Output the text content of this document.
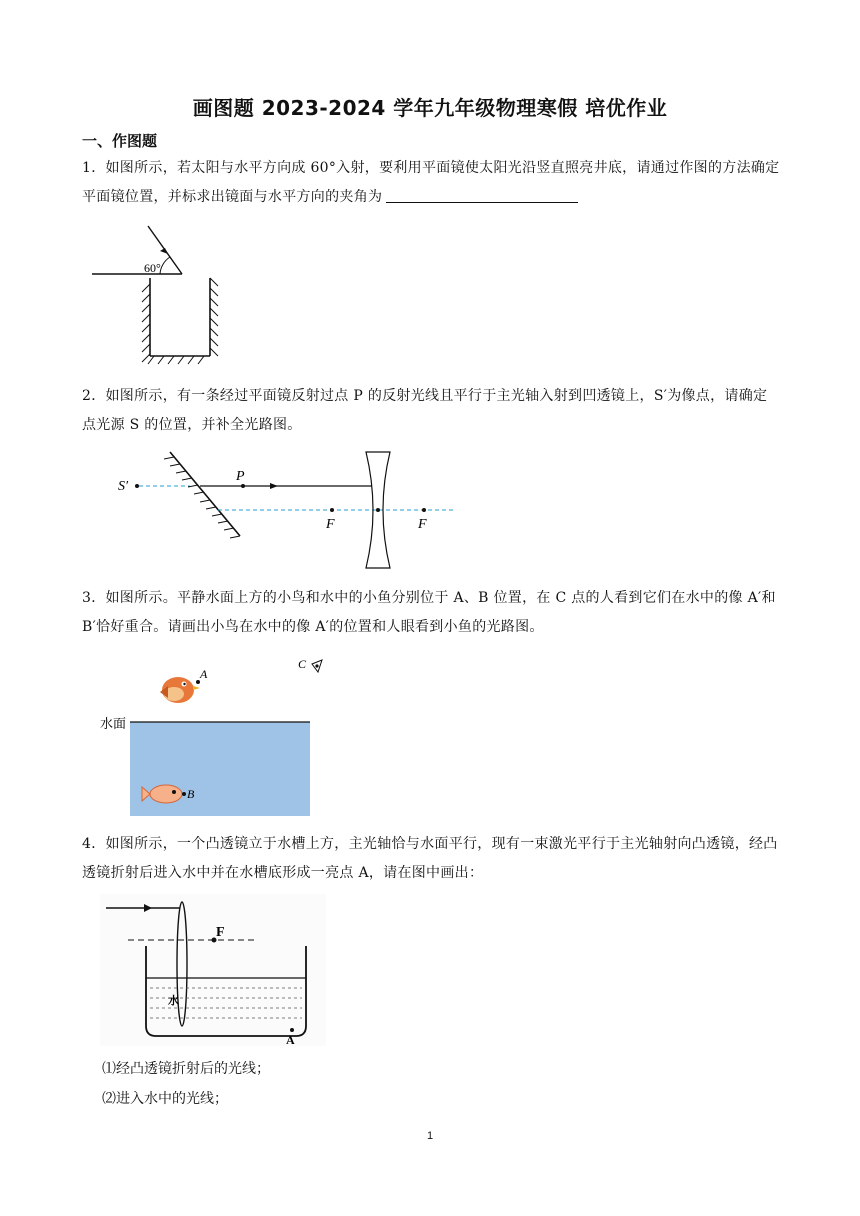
画图题 2023-2024 学年九年级物理寒假 培优作业
一、作图题

1．如图所示，若太阳与水平方向成 60°入射，要利用平面镜使太阳光沿竖直照亮井底，请通过作图的方法确定平面镜位置，并标求出镜面与水平方向的夹角为

60°

2．如图所示，有一条经过平面镜反射过点 P 的反射光线且平行于主光轴入射到凹透镜上，S′为像点，请确定点光源 S 的位置，并补全光路图。

S′
P
F	F

3．如图所示。平静水面上方的小鸟和水中的小鱼分别位于 A、B 位置，在 C 点的人看到它们在水中的像 A′和 B′恰好重合。请画出小鸟在水中的像 A′的位置和人眼看到小鱼的光路图。

A
C
水面
B

4．如图所示，一个凸透镜立于水槽上方，主光轴恰与水面平行，现有一束激光平行于主光轴射向凸透镜，经凸透镜折射后进入水中并在水槽底形成一亮点 A，请在图中画出：

F
水
A
⑴经凸透镜折射后的光线；
⑵进入水中的光线；
1
